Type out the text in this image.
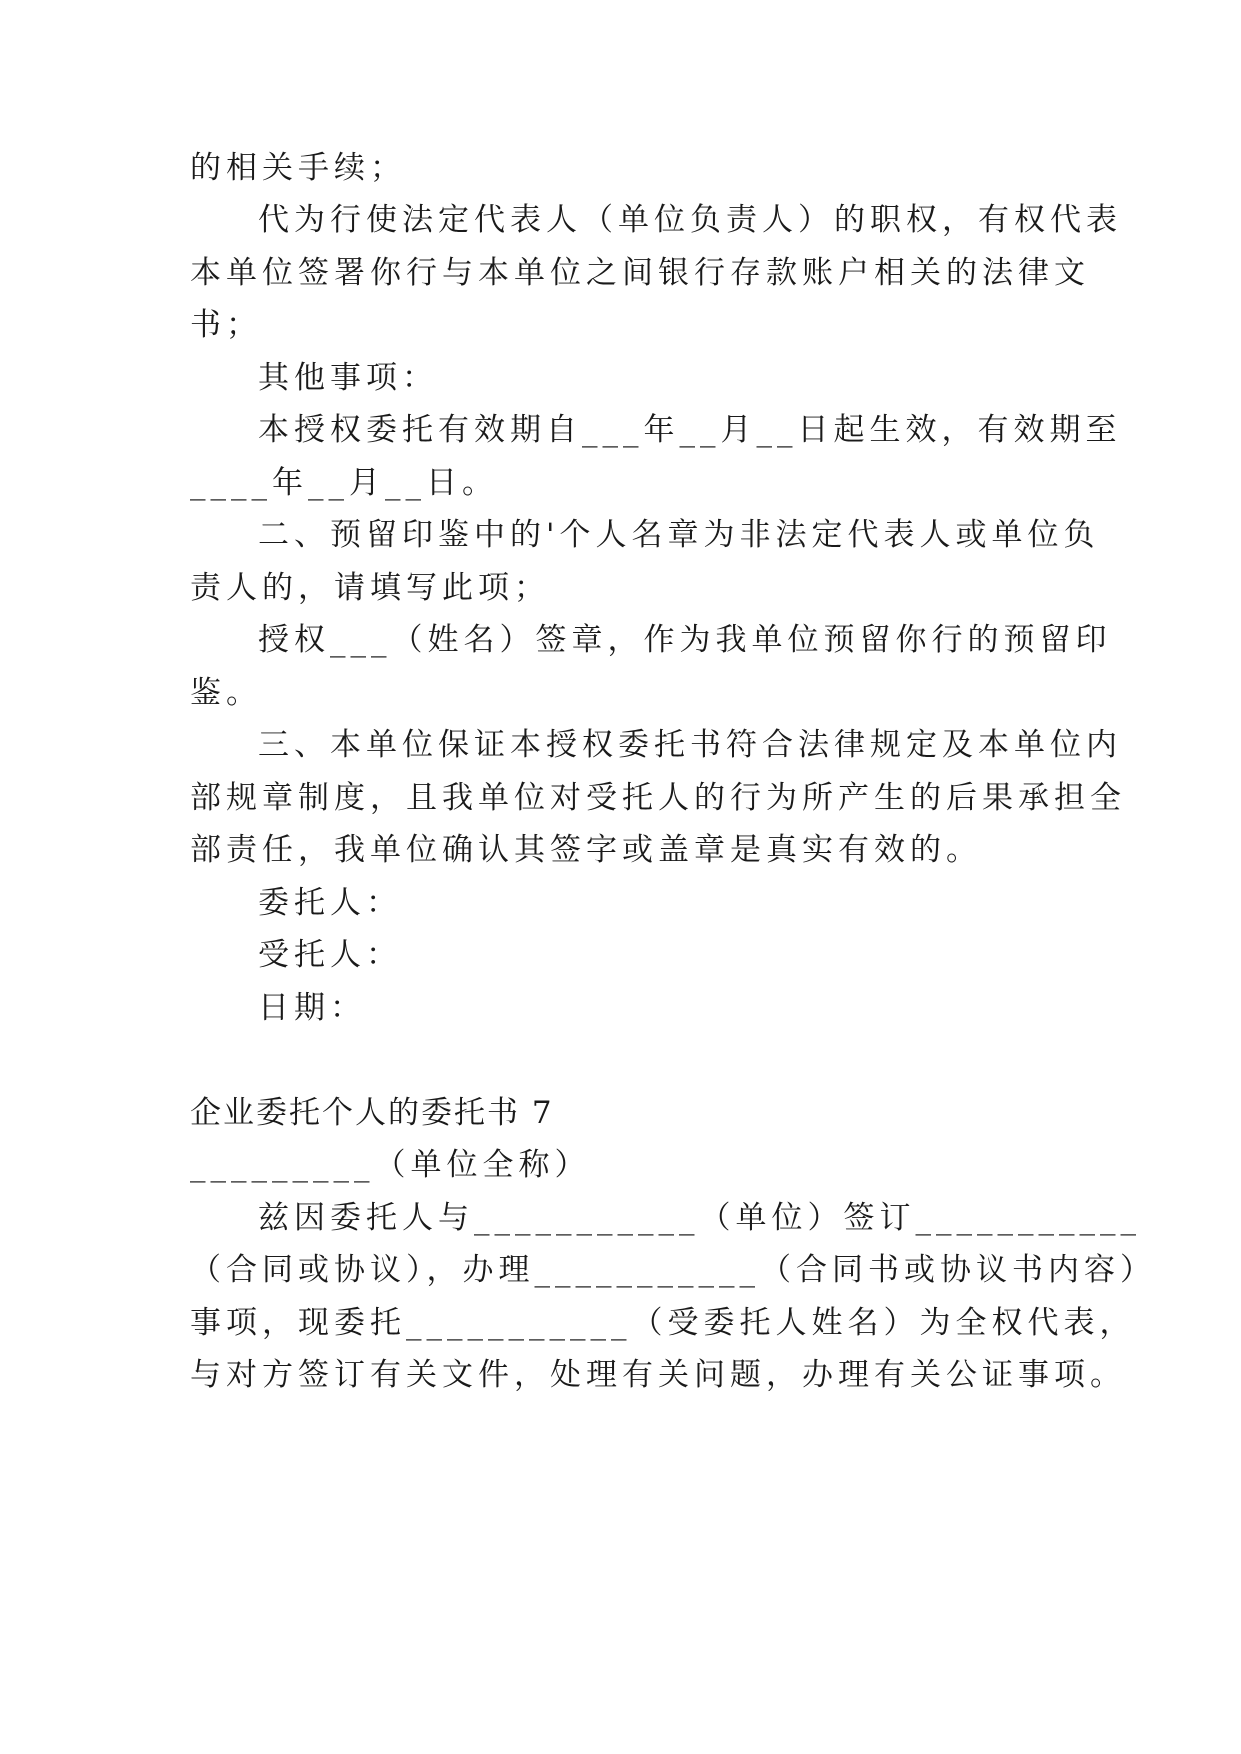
的相关手续；
代为行使法定代表人（单位负责人）的职权，有权代表
本单位签署你行与本单位之间银行存款账户相关的法律文
书；
其他事项：
本授权委托有效期自___年__月__日起生效，有效期至
____年__月__日。
二、预留印鉴中的'个人名章为非法定代表人或单位负
责人的，请填写此项；
授权___（姓名）签章，作为我单位预留你行的预留印
鉴。
三、本单位保证本授权委托书符合法律规定及本单位内
部规章制度，且我单位对受托人的行为所产生的后果承担全
部责任，我单位确认其签字或盖章是真实有效的。
委托人：
受托人：
日期：
企业委托个人的委托书 7
_________（单位全称）
兹因委托人与___________（单位）签订___________
（合同或协议），办理___________（合同书或协议书内容）
事项，现委托___________（受委托人姓名）为全权代表，
与对方签订有关文件，处理有关问题，办理有关公证事项。
